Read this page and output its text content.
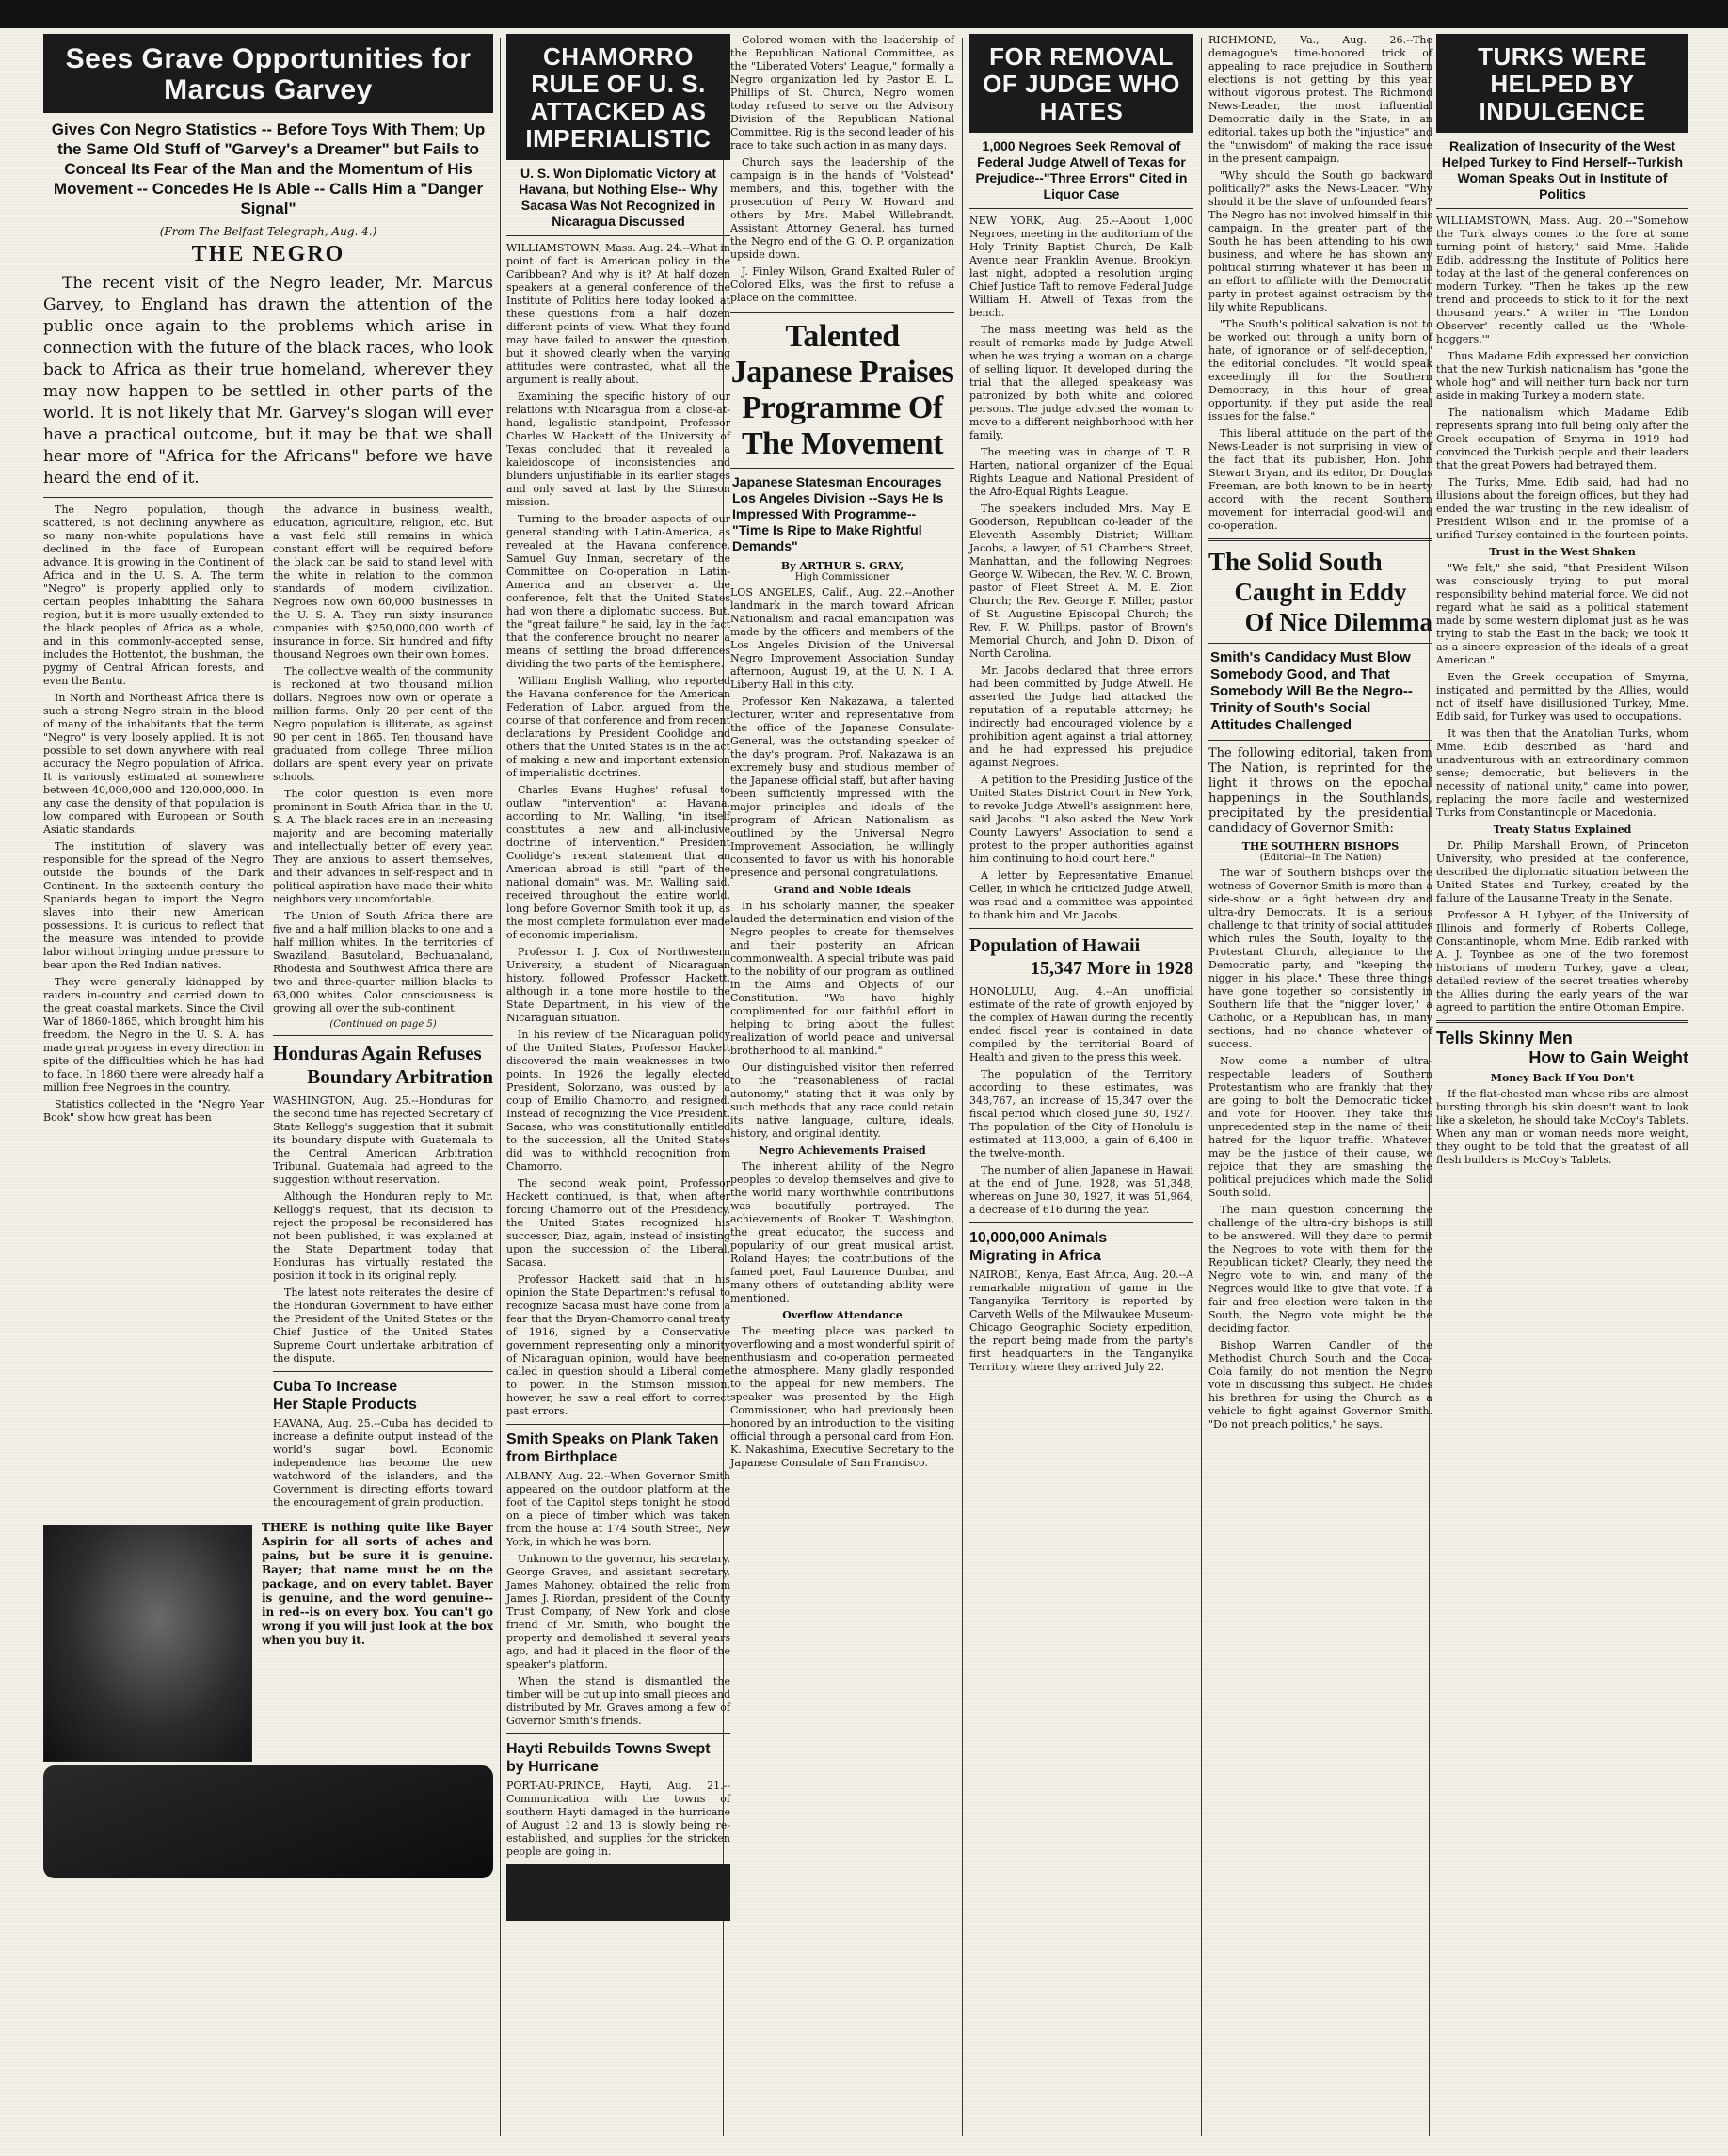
Sees Grave Opportunities for Marcus Garvey
Gives Con Negro Statistics -- Before Toys With Them; Up the Same Old Stuff of "Garvey's a Dreamer" but Fails to Conceal Its Fear of the Man and the Momentum of His Movement -- Concedes He Is Able -- Calls Him a "Danger Signal"
(From The Belfast Telegraph, Aug. 4.)
THE NEGRO
The recent visit of the Negro leader, Mr. Marcus Garvey, to England has drawn the attention of the public once again to the problems which arise in connection with the future of the black races, who look back to Africa as their true homeland, wherever they may now happen to be settled in other parts of the world. It is not likely that Mr. Garvey's slogan will ever have a practical outcome, but it may be that we shall hear more of "Africa for the Africans" before we have heard the end of it.

The Negro population, though scattered, is not declining anywhere as so many non-white populations have declined in the face of European advance. It is growing in the Continent of Africa and in the U. S. A. The term "Negro" is properly applied only to certain peoples inhabiting the Sahara region, but it is more usually extended to the black peoples of Africa as a whole, and in this commonly-accepted sense, includes the Hottentot, the bushman, the pygmy of Central African forests, and even the Bantu.

In North and Northeast Africa there is such a strong Negro strain in the blood of many of the inhabitants that the term "Negro" is very loosely applied. It is not possible to set down anywhere with real accuracy the Negro population of Africa. It is variously estimated at somewhere between 40,000,000 and 120,000,000. In any case the density of that population is low compared with European or South Asiatic standards.

The institution of slavery was responsible for the spread of the Negro outside the bounds of the Dark Continent. In the sixteenth century the Spaniards began to import the Negro slaves into their new American possessions. It is curious to reflect that the measure was intended to provide labor without bringing undue pressure to bear upon the Red Indian natives.

They were generally kidnapped by raiders in-country and carried down to the great coastal markets. Since the Civil War of 1860-1865, which brought him his freedom, the Negro in the U. S. A. has made great progress in every direction in spite of the difficulties which he has had to face. In 1860 there were already half a million free Negroes in the country.

Statistics collected in the "Negro Year Book" show how great has been

the advance in business, wealth, education, agriculture, religion, etc. But a vast field still remains in which constant effort will be required before the black can be said to stand level with the white in relation to the common standards of modern civilization. Negroes now own 60,000 businesses in the U. S. A. They run sixty insurance companies with $250,000,000 worth of insurance in force. Six hundred and fifty thousand Negroes own their own homes.

The collective wealth of the community is reckoned at two thousand million dollars. Negroes now own or operate a million farms. Only 20 per cent of the Negro population is illiterate, as against 90 per cent in 1865. Ten thousand have graduated from college. Three million dollars are spent every year on private schools.

The color question is even more prominent in South Africa than in the U. S. A. The black races are in an increasing majority and are becoming materially and intellectually better off every year. They are anxious to assert themselves, and their advances in self-respect and in political aspiration have made their white neighbors very uncomfortable.

The Union of South Africa there are five and a half million blacks to one and a half million whites. In the territories of Swaziland, Basutoland, Bechuanaland, Rhodesia and Southwest Africa there are two and three-quarter million blacks to 63,000 whites. Color consciousness is growing all over the sub-continent.

(Continued on page 5)
Honduras Again Refuses
Boundary Arbitration

WASHINGTON, Aug. 25.--Honduras for the second time has rejected Secretary of State Kellogg's suggestion that it submit its boundary dispute with Guatemala to the Central American Arbitration Tribunal. Guatemala had agreed to the suggestion without reservation.

Although the Honduran reply to Mr. Kellogg's request, that its decision to reject the proposal be reconsidered has not been published, it was explained at the State Department today that Honduras has virtually restated the position it took in its original reply.

The latest note reiterates the desire of the Honduran Government to have either the President of the United States or the Chief Justice of the United States Supreme Court undertake arbitration of the dispute.

Cuba To Increase
Her Staple Products

HAVANA, Aug. 25.--Cuba has decided to increase a definite output instead of the world's sugar bowl. Economic independence has become the new watchword of the islanders, and the Government is directing efforts toward the encouragement of grain production.

THERE is nothing quite like Bayer Aspirin for all sorts of aches and pains, but be sure it is genuine. Bayer; that name must be on the package, and on every tablet. Bayer is genuine, and the word genuine--in red--is on every box. You can't go wrong if you will just look at the box when you buy it.
CHAMORRO RULE OF U. S. ATTACKED AS IMPERIALISTIC
U. S. Won Diplomatic Victory at Havana, but Nothing Else-- Why Sacasa Was Not Recognized in Nicaragua Discussed

WILLIAMSTOWN, Mass. Aug. 24.--What in point of fact is American policy in the Caribbean? And why is it? At half dozen speakers at a general conference of the Institute of Politics here today looked at these questions from a half dozen different points of view. What they found may have failed to answer the question, but it showed clearly when the varying attitudes were contrasted, what all the argument is really about.

Examining the specific history of our relations with Nicaragua from a close-at-hand, legalistic standpoint, Professor Charles W. Hackett of the University of Texas concluded that it revealed a kaleidoscope of inconsistencies and blunders unjustifiable in its earlier stages and only saved at last by the Stimson mission.

Turning to the broader aspects of our general standing with Latin-America, as revealed at the Havana conference, Samuel Guy Inman, secretary of the Committee on Co-operation in Latin-America and an observer at the conference, felt that the United States had won there a diplomatic success. But, the "great failure," he said, lay in the fact that the conference brought no nearer a means of settling the broad differences dividing the two parts of the hemisphere.

William English Walling, who reported the Havana conference for the American Federation of Labor, argued from the course of that conference and from recent declarations by President Coolidge and others that the United States is in the act of making a new and important extension of imperialistic doctrines.

Charles Evans Hughes' refusal to outlaw "intervention" at Havana, according to Mr. Walling, "in itself constitutes a new and all-inclusive doctrine of intervention." President Coolidge's recent statement that an American abroad is still "part of the national domain" was, Mr. Walling said, received throughout the entire world, long before Governor Smith took it up, as the most complete formulation ever made of economic imperialism.

Professor I. J. Cox of Northwestern University, a student of Nicaraguan history, followed Professor Hackett, although in a tone more hostile to the State Department, in his view of the Nicaraguan situation.

In his review of the Nicaraguan policy of the United States, Professor Hackett discovered the main weaknesses in two points. In 1926 the legally elected President, Solorzano, was ousted by a coup of Emilio Chamorro, and resigned. Instead of recognizing the Vice President, Sacasa, who was constitutionally entitled to the succession, all the United States did was to withhold recognition from Chamorro.

The second weak point, Professor Hackett continued, is that, when after forcing Chamorro out of the Presidency, the United States recognized his successor, Diaz, again, instead of insisting upon the succession of the Liberal, Sacasa.

Professor Hackett said that in his opinion the State Department's refusal to recognize Sacasa must have come from a fear that the Bryan-Chamorro canal treaty of 1916, signed by a Conservative government representing only a minority of Nicaraguan opinion, would have been called in question should a Liberal come to power. In the Stimson mission, however, he saw a real effort to correct past errors.

Smith Speaks on Plank Taken from Birthplace

ALBANY, Aug. 22.--When Governor Smith appeared on the outdoor platform at the foot of the Capitol steps tonight he stood on a piece of timber which was taken from the house at 174 South Street, New York, in which he was born.

Unknown to the governor, his secretary, George Graves, and assistant secretary, James Mahoney, obtained the relic from James J. Riordan, president of the County Trust Company, of New York and close friend of Mr. Smith, who bought the property and demolished it several years ago, and had it placed in the floor of the speaker's platform.

When the stand is dismantled the timber will be cut up into small pieces and distributed by Mr. Graves among a few of Governor Smith's friends.

Hayti Rebuilds Towns Swept by Hurricane

PORT-AU-PRINCE, Hayti, Aug. 21.--Communication with the towns of southern Hayti damaged in the hurricane of August 12 and 13 is slowly being re-established, and supplies for the stricken people are going in.

Colored women with the leadership of the Republican National Committee, as the "Liberated Voters' League," formally a Negro organization led by Pastor E. L. Phillips of St. Church, Negro women today refused to serve on the Advisory Division of the Republican National Committee. Rig is the second leader of his race to take such action in as many days.

Church says the leadership of the campaign is in the hands of "Volstead" members, and this, together with the prosecution of Perry W. Howard and others by Mrs. Mabel Willebrandt, Assistant Attorney General, has turned the Negro end of the G. O. P. organization upside down.

J. Finley Wilson, Grand Exalted Ruler of Colored Elks, was the first to refuse a place on the committee.

Talented Japanese Praises Programme Of The Movement
Japanese Statesman Encourages Los Angeles Division --Says He Is Impressed With Programme--"Time Is Ripe to Make Rightful Demands"
By ARTHUR S. GRAY,
High Commissioner

LOS ANGELES, Calif., Aug. 22.--Another landmark in the march toward African Nationalism and racial emancipation was made by the officers and members of the Los Angeles Division of the Universal Negro Improvement Association Sunday afternoon, August 19, at the U. N. I. A. Liberty Hall in this city.

Professor Ken Nakazawa, a talented lecturer, writer and representative from the office of the Japanese Consulate-General, was the outstanding speaker of the day's program. Prof. Nakazawa is an extremely busy and studious member of the Japanese official staff, but after having been sufficiently impressed with the major principles and ideals of the program of African Nationalism as outlined by the Universal Negro Improvement Association, he willingly consented to favor us with his honorable presence and personal congratulations.

Grand and Noble Ideals

In his scholarly manner, the speaker lauded the determination and vision of the Negro peoples to create for themselves and their posterity an African commonwealth. A special tribute was paid to the nobility of our program as outlined in the Aims and Objects of our Constitution. "We have highly complimented for our faithful effort in helping to bring about the fullest realization of world peace and universal brotherhood to all mankind."

Our distinguished visitor then referred to the "reasonableness of racial autonomy," stating that it was only by such methods that any race could retain its native language, culture, ideals, history, and original identity.

Negro Achievements Praised

The inherent ability of the Negro peoples to develop themselves and give to the world many worthwhile contributions was beautifully portrayed. The achievements of Booker T. Washington, the great educator, the success and popularity of our great musical artist, Roland Hayes; the contributions of the famed poet, Paul Laurence Dunbar, and many others of outstanding ability were mentioned.

Overflow Attendance

The meeting place was packed to overflowing and a most wonderful spirit of enthusiasm and co-operation permeated the atmosphere. Many gladly responded to the appeal for new members. The speaker was presented by the High Commissioner, who had previously been honored by an introduction to the visiting official through a personal card from Hon. K. Nakashima, Executive Secretary to the Japanese Consulate of San Francisco.

FOR REMOVAL OF JUDGE WHO HATES
1,000 Negroes Seek Removal of Federal Judge Atwell of Texas for Prejudice--"Three Errors" Cited in Liquor Case

NEW YORK, Aug. 25.--About 1,000 Negroes, meeting in the auditorium of the Holy Trinity Baptist Church, De Kalb Avenue near Franklin Avenue, Brooklyn, last night, adopted a resolution urging Chief Justice Taft to remove Federal Judge William H. Atwell of Texas from the bench.

The mass meeting was held as the result of remarks made by Judge Atwell when he was trying a woman on a charge of selling liquor. It developed during the trial that the alleged speakeasy was patronized by both white and colored persons. The judge advised the woman to move to a different neighborhood with her family.

The meeting was in charge of T. R. Harten, national organizer of the Equal Rights League and National President of the Afro-Equal Rights League.

The speakers included Mrs. May E. Gooderson, Republican co-leader of the Eleventh Assembly District; William Jacobs, a lawyer, of 51 Chambers Street, Manhattan, and the following Negroes: George W. Wibecan, the Rev. W. C. Brown, pastor of Fleet Street A. M. E. Zion Church; the Rev. George F. Miller, pastor of St. Augustine Episcopal Church; the Rev. F. W. Phillips, pastor of Brown's Memorial Church, and John D. Dixon, of North Carolina.

Mr. Jacobs declared that three errors had been committed by Judge Atwell. He asserted the Judge had attacked the reputation of a reputable attorney; he indirectly had encouraged violence by a prohibition agent against a trial attorney, and he had expressed his prejudice against Negroes.

A petition to the Presiding Justice of the United States District Court in New York, to revoke Judge Atwell's assignment here, said Jacobs. "I also asked the New York County Lawyers' Association to send a protest to the proper authorities against him continuing to hold court here."

A letter by Representative Emanuel Celler, in which he criticized Judge Atwell, was read and a committee was appointed to thank him and Mr. Jacobs.

Population of Hawaii
15,347 More in 1928

HONOLULU, Aug. 4.--An unofficial estimate of the rate of growth enjoyed by the complex of Hawaii during the recently ended fiscal year is contained in data compiled by the territorial Board of Health and given to the press this week.

The population of the Territory, according to these estimates, was 348,767, an increase of 15,347 over the fiscal period which closed June 30, 1927. The population of the City of Honolulu is estimated at 113,000, a gain of 6,400 in the twelve-month.

The number of alien Japanese in Hawaii at the end of June, 1928, was 51,348, whereas on June 30, 1927, it was 51,964, a decrease of 616 during the year.

10,000,000 Animals
Migrating in Africa

NAIROBI, Kenya, East Africa, Aug. 20.--A remarkable migration of game in the Tanganyika Territory is reported by Carveth Wells of the Milwaukee Museum-Chicago Geographic Society expedition, the report being made from the party's first headquarters in the Tanganyika Territory, where they arrived July 22.

RICHMOND, Va., Aug. 26.--The demagogue's time-honored trick of appealing to race prejudice in Southern elections is not getting by this year without vigorous protest. The Richmond News-Leader, the most influential Democratic daily in the State, in an editorial, takes up both the "injustice" and the "unwisdom" of making the race issue in the present campaign.

"Why should the South go backward politically?" asks the News-Leader. "Why should it be the slave of unfounded fears? The Negro has not involved himself in this campaign. In the greater part of the South he has been attending to his own business, and where he has shown any political stirring whatever it has been in an effort to affiliate with the Democratic party in protest against ostracism by the lily white Republicans.

"The South's political salvation is not to be worked out through a unity born of hate, of ignorance or of self-deception," the editorial concludes. "It would speak exceedingly ill for the Southern Democracy, in this hour of great opportunity, if they put aside the real issues for the false."

This liberal attitude on the part of the News-Leader is not surprising in view of the fact that its publisher, Hon. John Stewart Bryan, and its editor, Dr. Douglas Freeman, are both known to be in hearty accord with the recent Southern movement for interracial good-will and co-operation.

The Solid South
Caught in Eddy
Of Nice Dilemma
Smith's Candidacy Must Blow Somebody Good, and That Somebody Will Be the Negro--Trinity of South's Social Attitudes Challenged

The following editorial, taken from The Nation, is reprinted for the light it throws on the epochal happenings in the Southlands, precipitated by the presidential candidacy of Governor Smith:

THE SOUTHERN BISHOPS
(Editorial--In The Nation)

The war of Southern bishops over the wetness of Governor Smith is more than a side-show or a fight between dry and ultra-dry Democrats. It is a serious challenge to that trinity of social attitudes which rules the South, loyalty to the Protestant Church, allegiance to the Democratic party, and "keeping the nigger in his place." These three things have gone together so consistently in Southern life that the "nigger lover," a Catholic, or a Republican has, in many sections, had no chance whatever of success.

Now come a number of ultra-respectable leaders of Southern Protestantism who are frankly that they are going to bolt the Democratic ticket and vote for Hoover. They take this unprecedented step in the name of their hatred for the liquor traffic. Whatever may be the justice of their cause, we rejoice that they are smashing the political prejudices which made the Solid South solid.

The main question concerning the challenge of the ultra-dry bishops is still to be answered. Will they dare to permit the Negroes to vote with them for the Republican ticket? Clearly, they need the Negro vote to win, and many of the Negroes would like to give that vote. If a fair and free election were taken in the South, the Negro vote might be the deciding factor.

Bishop Warren Candler of the Methodist Church South and the Coca-Cola family, do not mention the Negro vote in discussing this subject. He chides his brethren for using the Church as a vehicle to fight against Governor Smith. "Do not preach politics," he says.

TURKS WERE HELPED BY INDULGENCE
Realization of Insecurity of the West Helped Turkey to Find Herself--Turkish Woman Speaks Out in Institute of Politics

WILLIAMSTOWN, Mass. Aug. 20.--"Somehow the Turk always comes to the fore at some turning point of history," said Mme. Halide Edib, addressing the Institute of Politics here today at the last of the general conferences on modern Turkey. "Then he takes up the new trend and proceeds to stick to it for the next thousand years." A writer in 'The London Observer' recently called us the 'Whole-hoggers.'"

Thus Madame Edib expressed her conviction that the new Turkish nationalism has "gone the whole hog" and will neither turn back nor turn aside in making Turkey a modern state.

The nationalism which Madame Edib represents sprang into full being only after the Greek occupation of Smyrna in 1919 had convinced the Turkish people and their leaders that the great Powers had betrayed them.

The Turks, Mme. Edib said, had had no illusions about the foreign offices, but they had ended the war trusting in the new idealism of President Wilson and in the promise of a unified Turkey contained in the fourteen points.

Trust in the West Shaken

"We felt," she said, "that President Wilson was consciously trying to put moral responsibility behind material force. We did not regard what he said as a political statement made by some western diplomat just as he was trying to stab the East in the back; we took it as a sincere expression of the ideals of a great American."

Even the Greek occupation of Smyrna, instigated and permitted by the Allies, would not of itself have disillusioned Turkey, Mme. Edib said, for Turkey was used to occupations.

It was then that the Anatolian Turks, whom Mme. Edib described as "hard and unadventurous with an extraordinary common sense; democratic, but believers in the necessity of national unity," came into power, replacing the more facile and westernized Turks from Constantinople or Macedonia.

Treaty Status Explained

Dr. Philip Marshall Brown, of Princeton University, who presided at the conference, described the diplomatic situation between the United States and Turkey, created by the failure of the Lausanne Treaty in the Senate.

Professor A. H. Lybyer, of the University of Illinois and formerly of Roberts College, Constantinople, whom Mme. Edib ranked with A. J. Toynbee as one of the two foremost historians of modern Turkey, gave a clear, detailed review of the secret treaties whereby the Allies during the early years of the war agreed to partition the entire Ottoman Empire.

Tells Skinny Men
How to Gain Weight
Money Back If You Don't

If the flat-chested man whose ribs are almost bursting through his skin doesn't want to look like a skeleton, he should take McCoy's Tablets. When any man or woman needs more weight, they ought to be told that the greatest of all flesh builders is McCoy's Tablets.
